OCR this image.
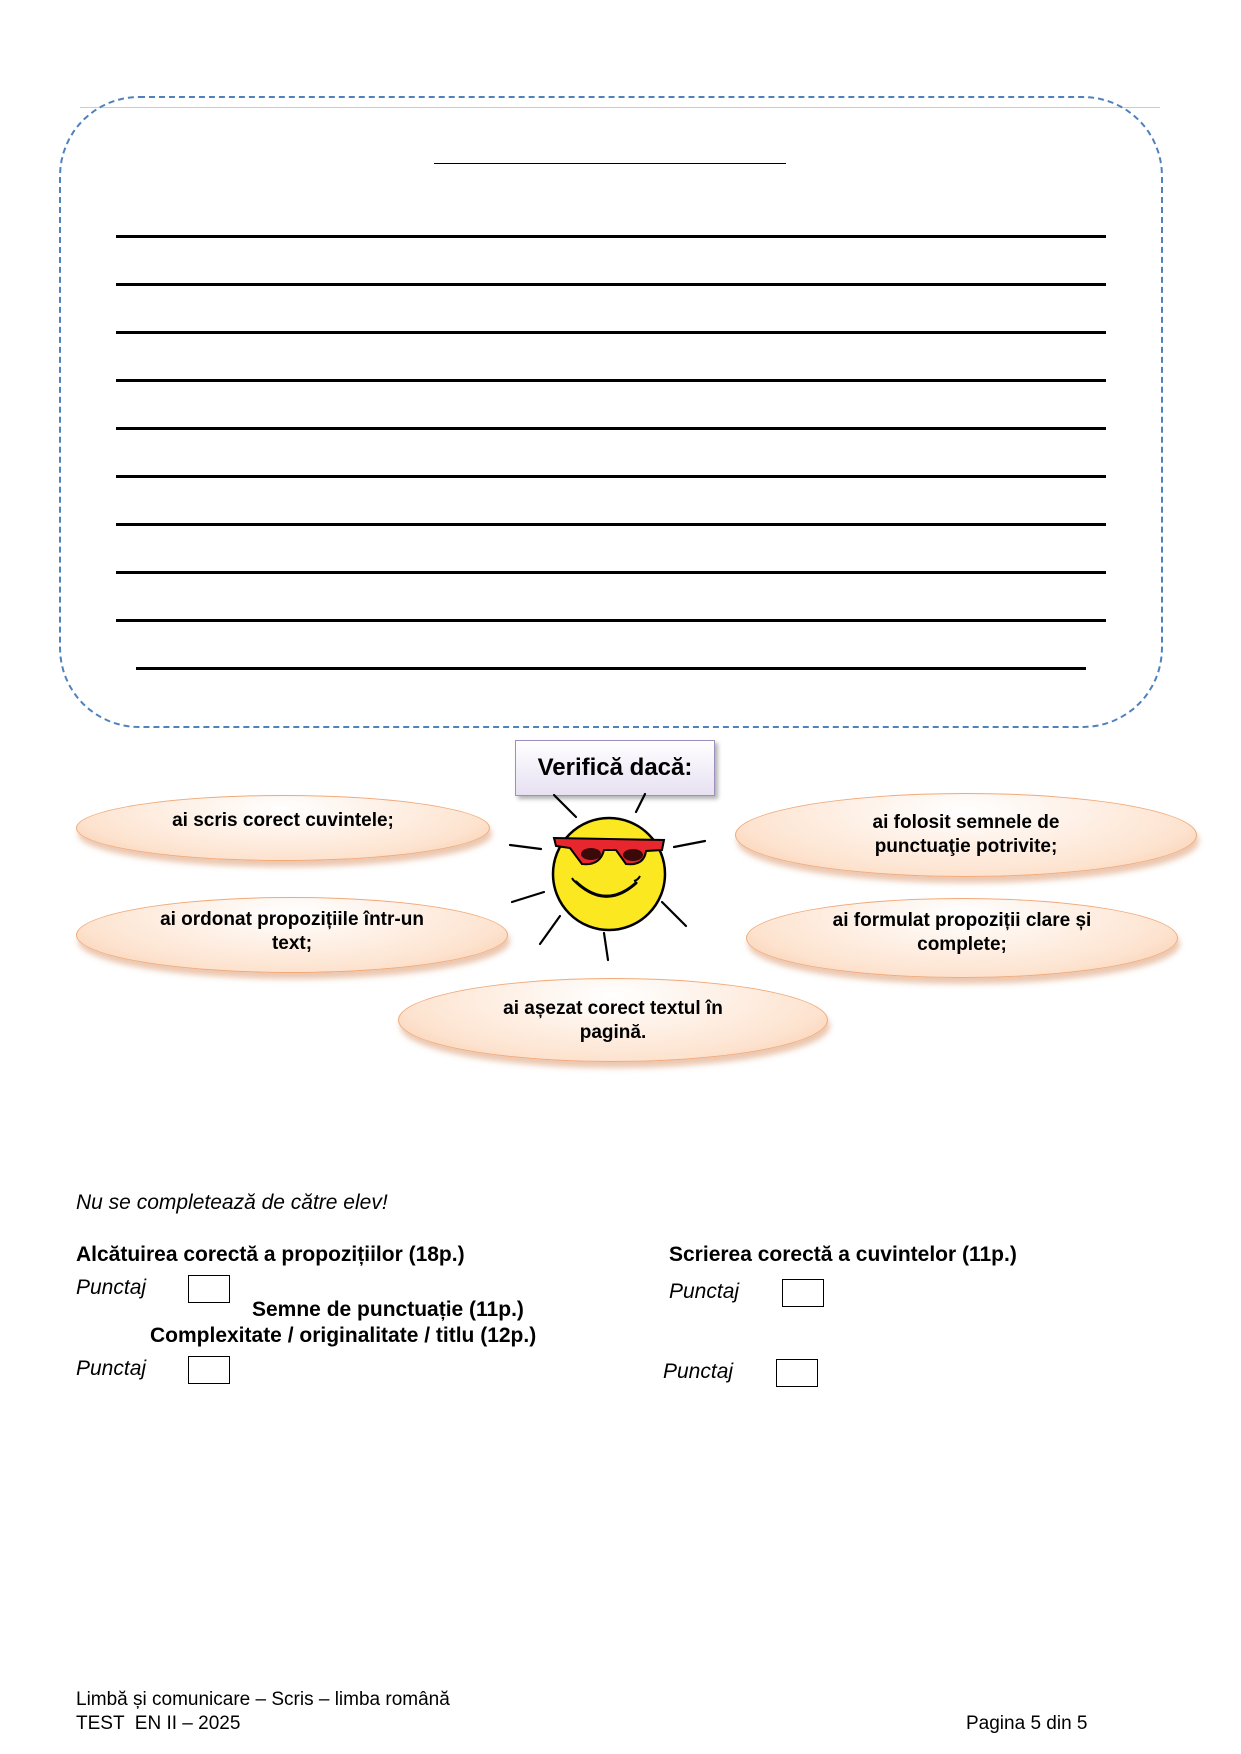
Verifică dacă:
ai scris corect cuvintele;	ai folosit semnele de punctuaţie potrivite;
ai ordonat propozițiile într-un text;
ai formulat propoziții clare și complete;
ai așezat corect textul în pagină.
Nu se completează de către elev!
Alcătuirea corectă a propozițiilor (18p.)	Scrierea corectă a cuvintelor (11p.)
Punctaj	Punctaj
Semne de punctuație (11p.)
Complexitate / originalitate / titlu (12p.)
Punctaj	Punctaj
Limbă și comunicare – Scris – limba română
TEST  EN II – 2025	Pagina 5 din 5
